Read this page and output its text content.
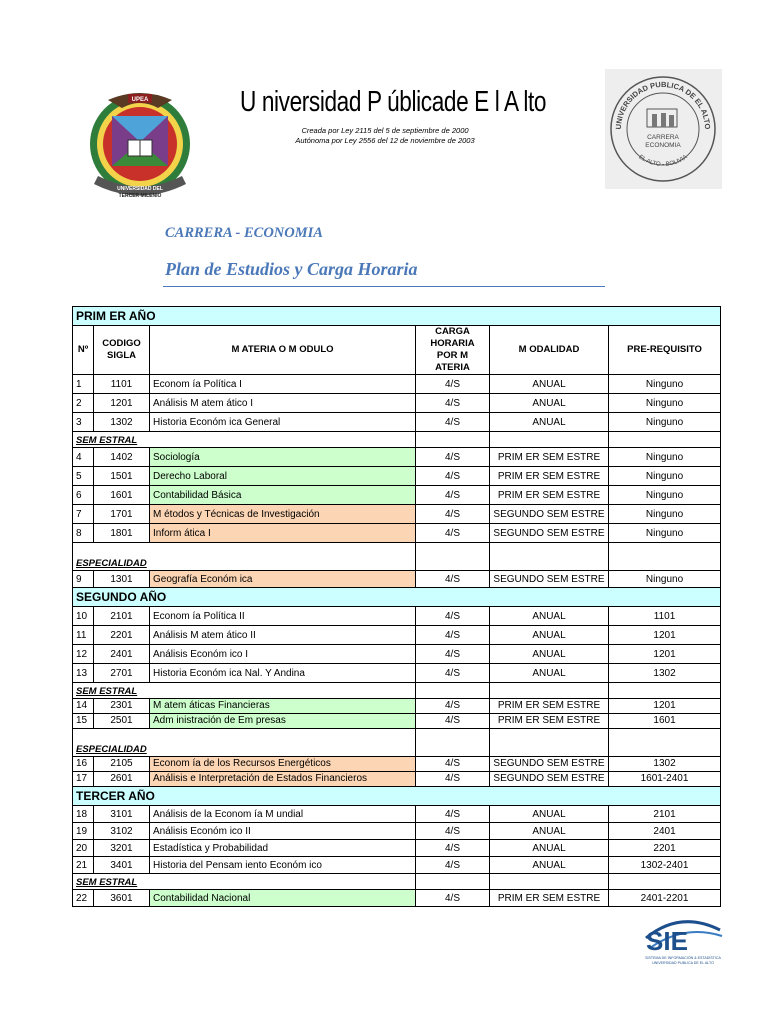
UPEA
UNIVERSIDAD DEL
TERCER MILENIO
U niversidad P úblicade E l A lto
Creada por Ley 2115 del 5 de septiembre de 2000
Autónoma por Ley 2556 del 12 de noviembre de 2003
UNIVERSIDAD PUBLICA DE EL ALTO
EL ALTO - BOLIVIA
CARRERA
ECONOMIA
CARRERA - ECONOMIA
Plan de Estudios y Carga Horaria
PRIM ER AÑO					
Nº	CODIGO SIGLA	M ATERIA O M ODULO	CARGA HORARIA POR M ATERIA	M ODALIDAD	PRE-REQUISITO
1	1101	Econom ía Política I	4/S	ANUAL	Ninguno
2	1201	Análisis M atem ático I	4/S	ANUAL	Ninguno
3	1302	Historia Económ ica General	4/S	ANUAL	Ninguno
SEM ESTRAL					
4	1402	Sociología	4/S	PRIM ER SEM ESTRE	Ninguno
5	1501	Derecho Laboral	4/S	PRIM ER SEM ESTRE	Ninguno
6	1601	Contabilidad Básica	4/S	PRIM ER SEM ESTRE	Ninguno
7	1701	M étodos y Técnicas de Investigación	4/S	SEGUNDO SEM ESTRE	Ninguno
8	1801	Inform ática I	4/S	SEGUNDO SEM ESTRE	Ninguno
ESPECIALIDAD					
9	1301	Geografía Económ ica	4/S	SEGUNDO SEM ESTRE	Ninguno
SEGUNDO AÑO					
10	2101	Econom ía Política II	4/S	ANUAL	1101
11	2201	Análisis M atem ático II	4/S	ANUAL	1201
12	2401	Análisis Económ ico I	4/S	ANUAL	1201
13	2701	Historia Económ ica Nal. Y Andina	4/S	ANUAL	1302
SEM ESTRAL					
14	2301	M atem áticas Financieras	4/S	PRIM ER SEM ESTRE	1201
15	2501	Adm inistración de Em presas	4/S	PRIM ER SEM ESTRE	1601
ESPECIALIDAD					
16	2105	Econom ía de los Recursos Energéticos	4/S	SEGUNDO SEM ESTRE	1302
17	2601	Análisis e Interpretación de Estados Financieros	4/S	SEGUNDO SEM ESTRE	1601-2401
TERCER AÑO					
18	3101	Análisis de la Econom ía M undial	4/S	ANUAL	2101
19	3102	Análisis Económ ico II	4/S	ANUAL	2401
20	3201	Estadística y Probabilidad	4/S	ANUAL	2201
21	3401	Historia del Pensam iento Económ ico	4/S	ANUAL	1302-2401
SEM ESTRAL					
22	3601	Contabilidad Nacional	4/S	PRIM ER SEM ESTRE	2401-2201
SIE
SISTEMA DE INFORMACIÓN & ESTADÍSTICA
UNIVERSIDAD PUBLICA DE EL ALTO
